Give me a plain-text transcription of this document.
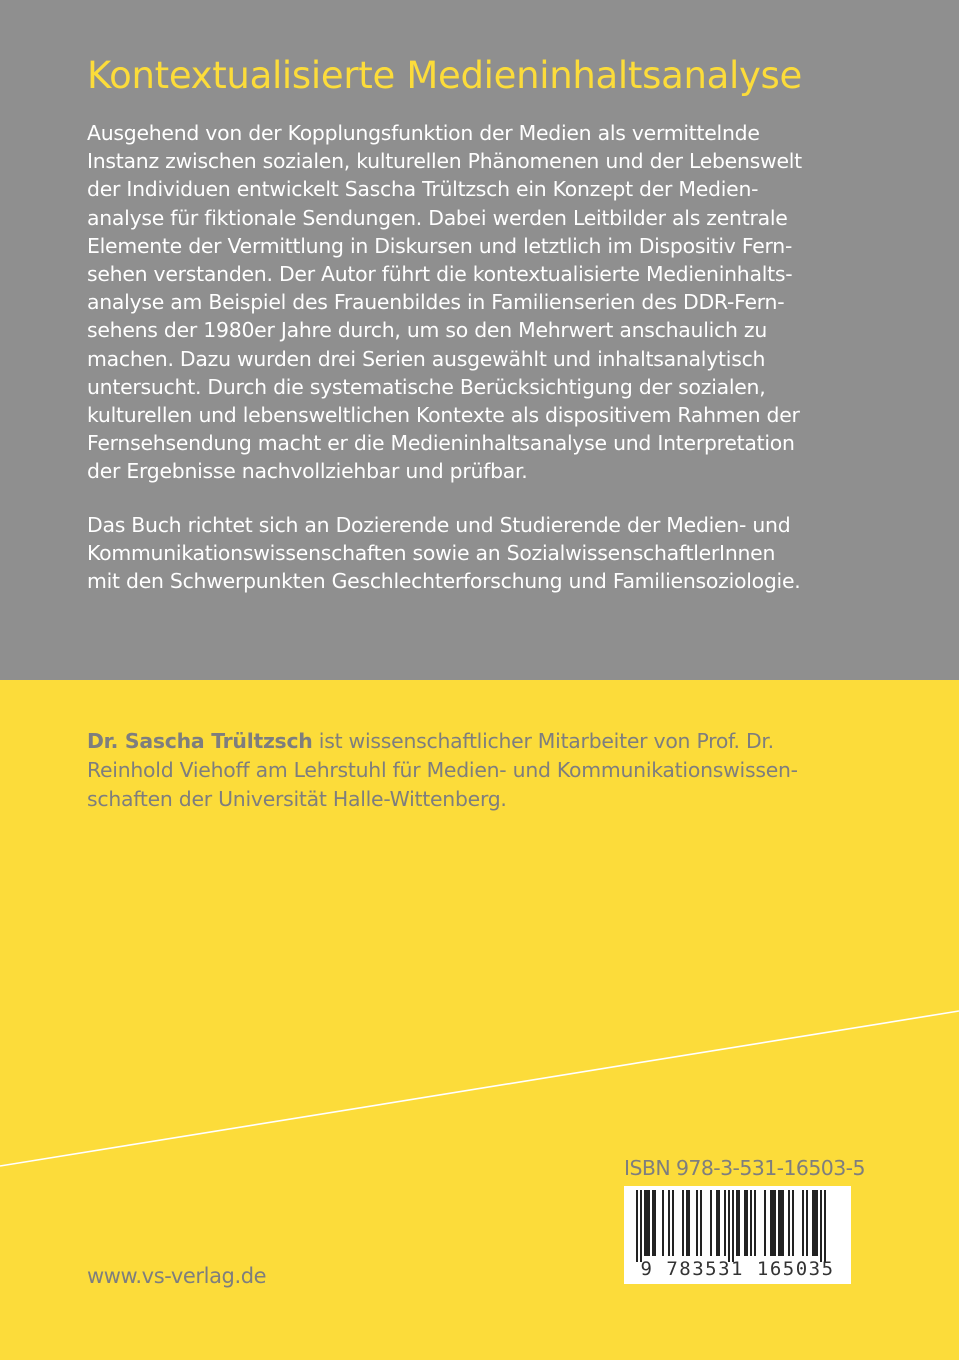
Kontextualisierte Medieninhaltsanalyse
Ausgehend von der Kopplungsfunktion der Medien als vermittelnde
Instanz zwischen sozialen, kulturellen Phänomenen und der Lebenswelt
der Individuen entwickelt Sascha Trültzsch ein Konzept der Medien-
analyse für fiktionale Sendungen. Dabei werden Leitbilder als zentrale
Elemente der Vermittlung in Diskursen und letztlich im Dispositiv Fern-
sehen verstanden. Der Autor führt die kontextualisierte Medieninhalts-
analyse am Beispiel des Frauenbildes in Familienserien des DDR-Fern-
sehens der 1980er Jahre durch, um so den Mehrwert anschaulich zu
machen. Dazu wurden drei Serien ausgewählt und inhaltsanalytisch
untersucht. Durch die systematische Berücksichtigung der sozialen,
kulturellen und lebensweltlichen Kontexte als dispositivem Rahmen der
Fernsehsendung macht er die Medieninhaltsanalyse und Interpretation
der Ergebnisse nachvollziehbar und prüfbar.
Das Buch richtet sich an Dozierende und Studierende der Medien- und
Kommunikationswissenschaften sowie an SozialwissenschaftlerInnen
mit den Schwerpunkten Geschlechterforschung und Familiensoziologie.
Dr. Sascha Trültzsch ist wissenschaftlicher Mitarbeiter von Prof. Dr.
Reinhold Viehoff am Lehrstuhl für Medien- und Kommunikationswissen-
schaften der Universität Halle-Wittenberg.
ISBN 978-3-531-16503-5
9 783531 165035
www.vs-verlag.de
